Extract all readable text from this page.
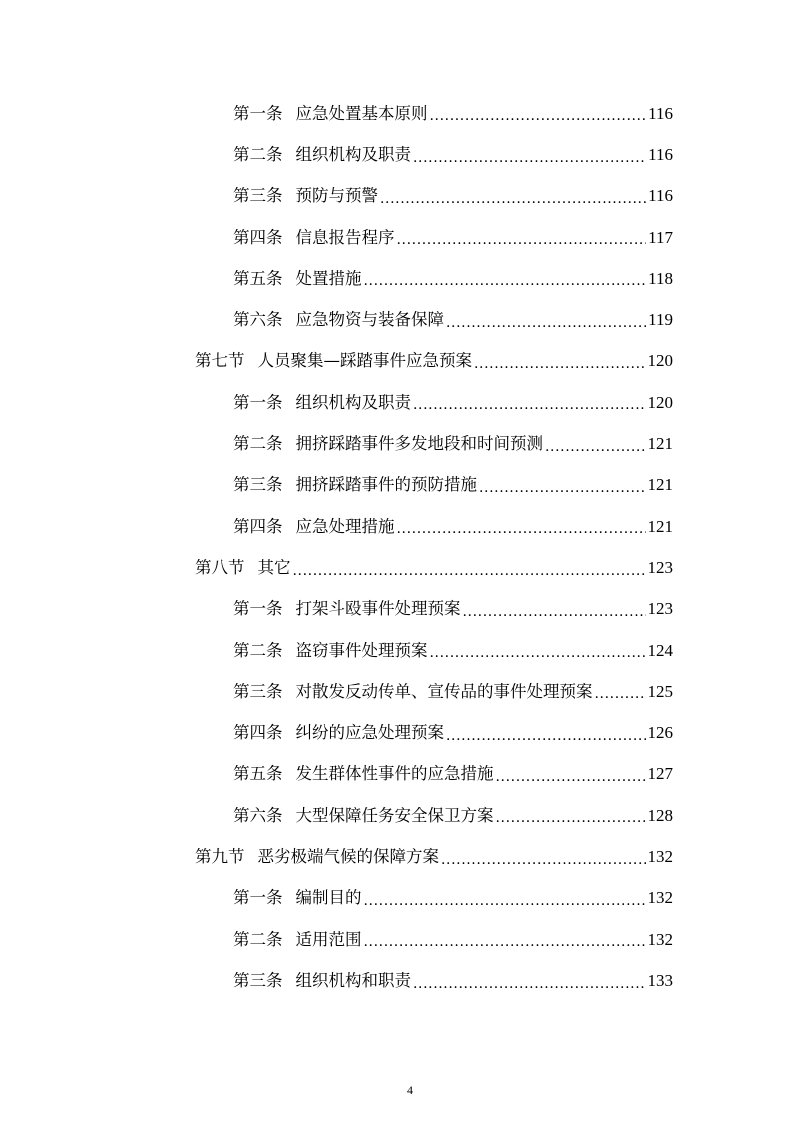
第一条 应急处置基本原则 .....	116
第二条 组织机构及职责 .....	116
第三条 预防与预警 .....	116
第四条 信息报告程序 .....	117
第五条 处置措施 .....	118
第六条 应急物资与装备保障 .....	119
第七节 人员聚集—踩踏事件应急预案 .....	120
第一条 组织机构及职责 .....	120
第二条 拥挤踩踏事件多发地段和时间预测 .....	121
第三条 拥挤踩踏事件的预防措施 .....	121
第四条 应急处理措施 .....	121
第八节 其它 .....	123
第一条 打架斗殴事件处理预案 .....	123
第二条 盗窃事件处理预案 .....	124
第三条 对散发反动传单、宣传品的事件处理预案 .....	125
第四条 纠纷的应急处理预案 .....	126
第五条 发生群体性事件的应急措施 .....	127
第六条 大型保障任务安全保卫方案 .....	128
第九节 恶劣极端气候的保障方案 .....	132
第一条 编制目的 .....	132
第二条 适用范围 .....	132
第三条 组织机构和职责 .....	133
4
